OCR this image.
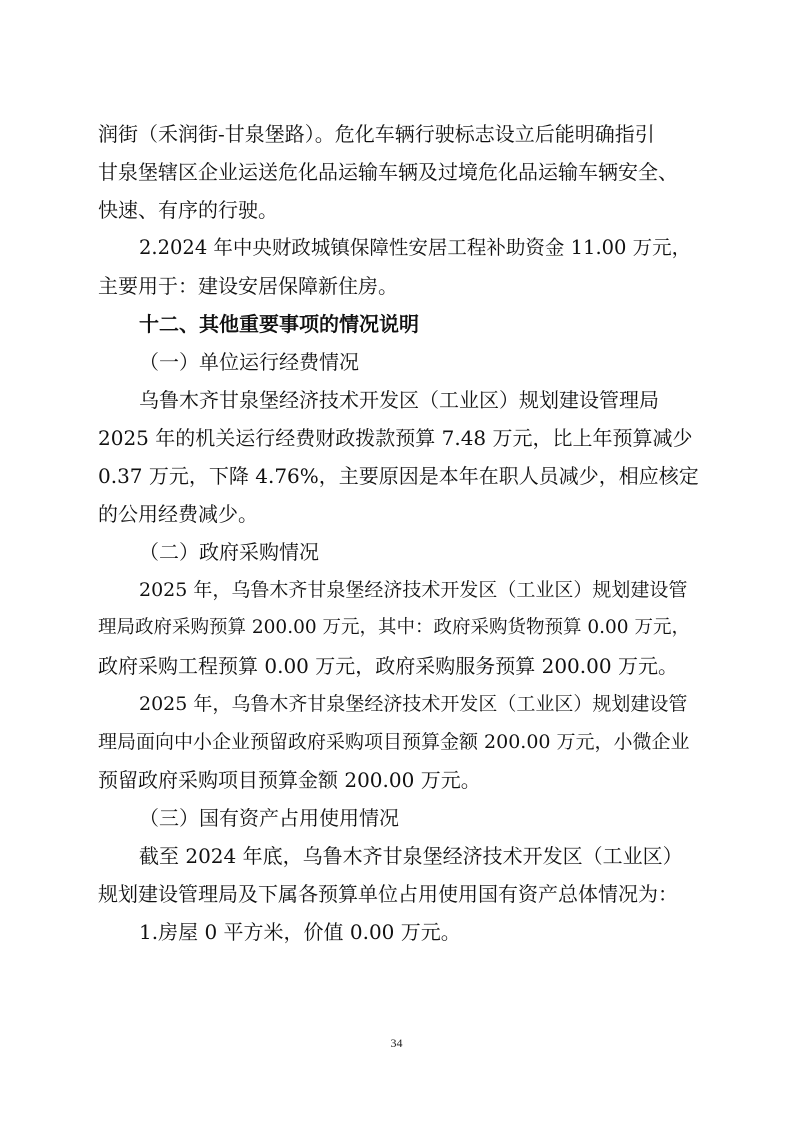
润街（禾润街-甘泉堡路）。危化车辆行驶标志设立后能明确指引

甘泉堡辖区企业运送危化品运输车辆及过境危化品运输车辆安全、

快速、有序的行驶。

2.2024 年中央财政城镇保障性安居工程补助资金 11.00 万元，

主要用于：建设安居保障新住房。

十二、其他重要事项的情况说明

（一）单位运行经费情况

乌鲁木齐甘泉堡经济技术开发区（工业区）规划建设管理局

2025 年的机关运行经费财政拨款预算 7.48 万元，比上年预算减少

0.37 万元，下降 4.76%，主要原因是本年在职人员减少，相应核定

的公用经费减少。

（二）政府采购情况

2025 年，乌鲁木齐甘泉堡经济技术开发区（工业区）规划建设管

理局政府采购预算 200.00 万元，其中：政府采购货物预算 0.00 万元，

政府采购工程预算 0.00 万元，政府采购服务预算 200.00 万元。

2025 年，乌鲁木齐甘泉堡经济技术开发区（工业区）规划建设管

理局面向中小企业预留政府采购项目预算金额 200.00 万元，小微企业

预留政府采购项目预算金额 200.00 万元。

（三）国有资产占用使用情况

截至 2024 年底，乌鲁木齐甘泉堡经济技术开发区（工业区）

规划建设管理局及下属各预算单位占用使用国有资产总体情况为：

1.房屋 0 平方米，价值 0.00 万元。

34
